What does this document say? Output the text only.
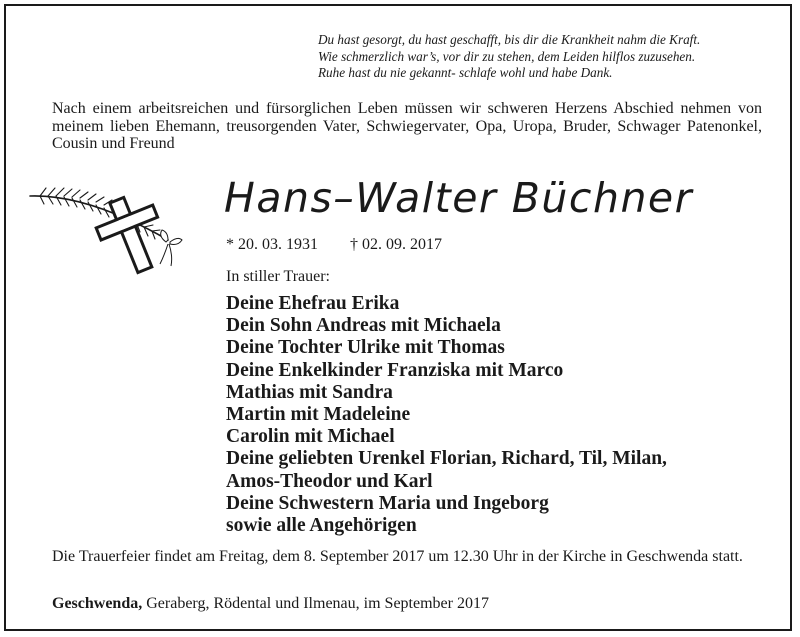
Du hast gesorgt, du hast geschafft, bis dir die Krankheit nahm die Kraft.
Wie schmerzlich war’s, vor dir zu stehen, dem Leiden hilflos zuzusehen.
Ruhe hast du nie gekannt- schlafe wohl und habe Dank.
Nach einem arbeitsreichen und fürsorglichen Leben müssen wir schweren Herzens Abschied nehmen von meinem lieben Ehemann, treusorgenden Vater, Schwiegervater, Opa, Uropa, Bruder, Schwager Patenonkel, Cousin und Freund
Hans–Walter Büchner
* 20. 03. 1931 † 02. 09. 2017
In stiller Trauer:
Deine Ehefrau Erika
Dein Sohn Andreas mit Michaela
Deine Tochter Ulrike mit Thomas
Deine Enkelkinder Franziska mit Marco
Mathias mit Sandra
Martin mit Madeleine
Carolin mit Michael
Deine geliebten Urenkel Florian, Richard, Til, Milan,
Amos-Theodor und Karl
Deine Schwestern Maria und Ingeborg
sowie alle Angehörigen
Die Trauerfeier findet am Freitag, dem 8. September 2017 um 12.30 Uhr in der Kirche in Geschwenda statt.
Geschwenda, Geraberg, Rödental und Ilmenau, im September 2017
